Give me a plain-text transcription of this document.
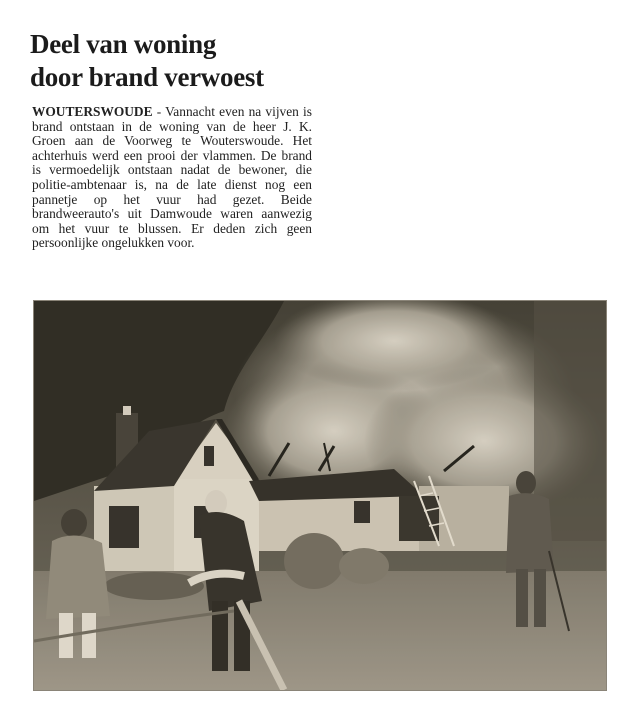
Deel van woning
door brand verwoest

WOUTERSWOUDE - Vannacht even na vijven is brand ontstaan in de woning van de heer J. K. Groen aan de Voorweg te Wouterswoude. Het achterhuis werd een prooi der vlammen. De brand is vermoedelijk ontstaan nadat de bewoner, die politie-ambtenaar is, na de late dienst nog een pannetje op het vuur had gezet. Beide brandweerauto's uit Damwoude waren aanwezig om het vuur te blussen. Er deden zich geen persoonlijke ongelukken voor.
